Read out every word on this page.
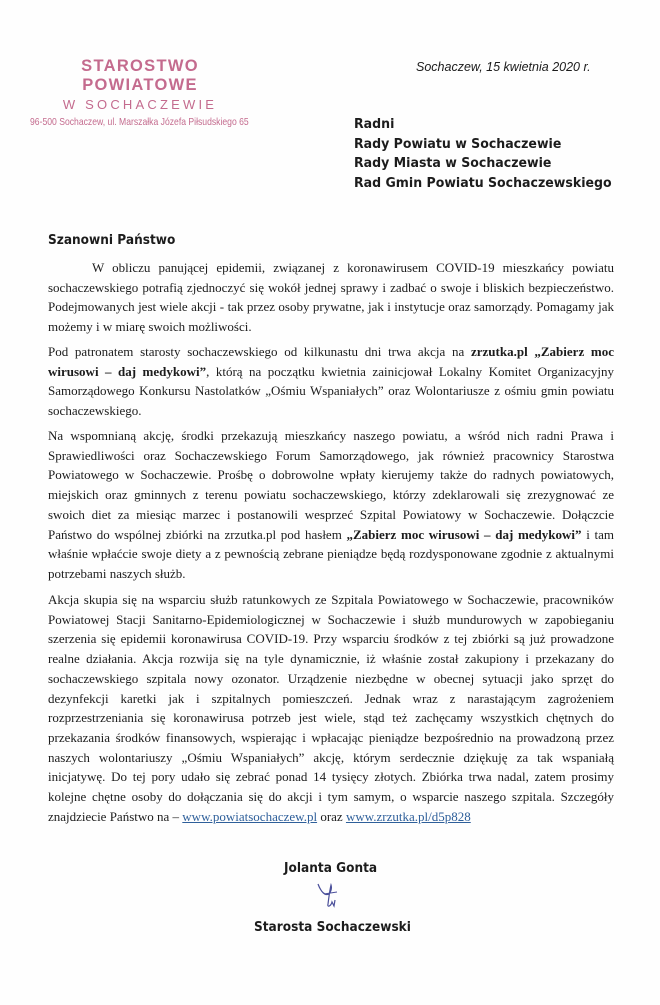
STAROSTWO POWIATOWE
W SOCHACZEWIE
96-500 Sochaczew, ul. Marszałka Józefa Piłsudskiego 65
Sochaczew, 15 kwietnia 2020 r.
Radni
Rady Powiatu w Sochaczewie
Rady Miasta w Sochaczewie
Rad Gmin Powiatu Sochaczewskiego
Szanowni Państwo
W obliczu panującej epidemii, związanej z koronawirusem COVID-19 mieszkańcy powiatu sochaczewskiego potrafią zjednoczyć się wokół jednej sprawy i zadbać o swoje i bliskich bezpieczeństwo. Podejmowanych jest wiele akcji - tak przez osoby prywatne, jak i instytucje oraz samorządy. Pomagamy jak możemy i w miarę swoich możliwości.
Pod patronatem starosty sochaczewskiego od kilkunastu dni trwa akcja na zrzutka.pl „Zabierz moc wirusowi – daj medykowi”, którą na początku kwietnia zainicjował Lokalny Komitet Organizacyjny Samorządowego Konkursu Nastolatków „Ośmiu Wspaniałych” oraz Wolontariusze z ośmiu gmin powiatu sochaczewskiego.
Na wspomnianą akcję, środki przekazują mieszkańcy naszego powiatu, a wśród nich radni Prawa i Sprawiedliwości oraz Sochaczewskiego Forum Samorządowego, jak również pracownicy Starostwa Powiatowego w Sochaczewie. Prośbę o dobrowolne wpłaty kierujemy także do radnych powiatowych, miejskich oraz gminnych z terenu powiatu sochaczewskiego, którzy zdeklarowali się zrezygnować ze swoich diet za miesiąc marzec i postanowili wesprzeć Szpital Powiatowy w Sochaczewie. Dołączcie Państwo do wspólnej zbiórki na zrzutka.pl pod hasłem „Zabierz moc wirusowi – daj medykowi” i tam właśnie wpłaćcie swoje diety a z pewnością zebrane pieniądze będą rozdysponowane zgodnie z aktualnymi potrzebami naszych służb.
Akcja skupia się na wsparciu służb ratunkowych ze Szpitala Powiatowego w Sochaczewie, pracowników Powiatowej Stacji Sanitarno-Epidemiologicznej w Sochaczewie i służb mundurowych w zapobieganiu szerzenia się epidemii koronawirusa COVID-19. Przy wsparciu środków z tej zbiórki są już prowadzone realne działania. Akcja rozwija się na tyle dynamicznie, iż właśnie został zakupiony i przekazany do sochaczewskiego szpitala nowy ozonator. Urządzenie niezbędne w obecnej sytuacji jako sprzęt do dezynfekcji karetki jak i szpitalnych pomieszczeń. Jednak wraz z narastającym zagrożeniem rozprzestrzeniania się koronawirusa potrzeb jest wiele, stąd też zachęcamy wszystkich chętnych do przekazania środków finansowych, wspierając i wpłacając pieniądze bezpośrednio na prowadzoną przez naszych wolontariuszy „Ośmiu Wspaniałych” akcję, którym serdecznie dziękuję za tak wspaniałą inicjatywę. Do tej pory udało się zebrać ponad 14 tysięcy złotych. Zbiórka trwa nadal, zatem prosimy kolejne chętne osoby do dołączania się do akcji i tym samym, o wsparcie naszego szpitala. Szczegóły znajdziecie Państwo na – www.powiatsochaczew.pl oraz www.zrzutka.pl/d5p828
Jolanta Gonta
Starosta Sochaczewski
